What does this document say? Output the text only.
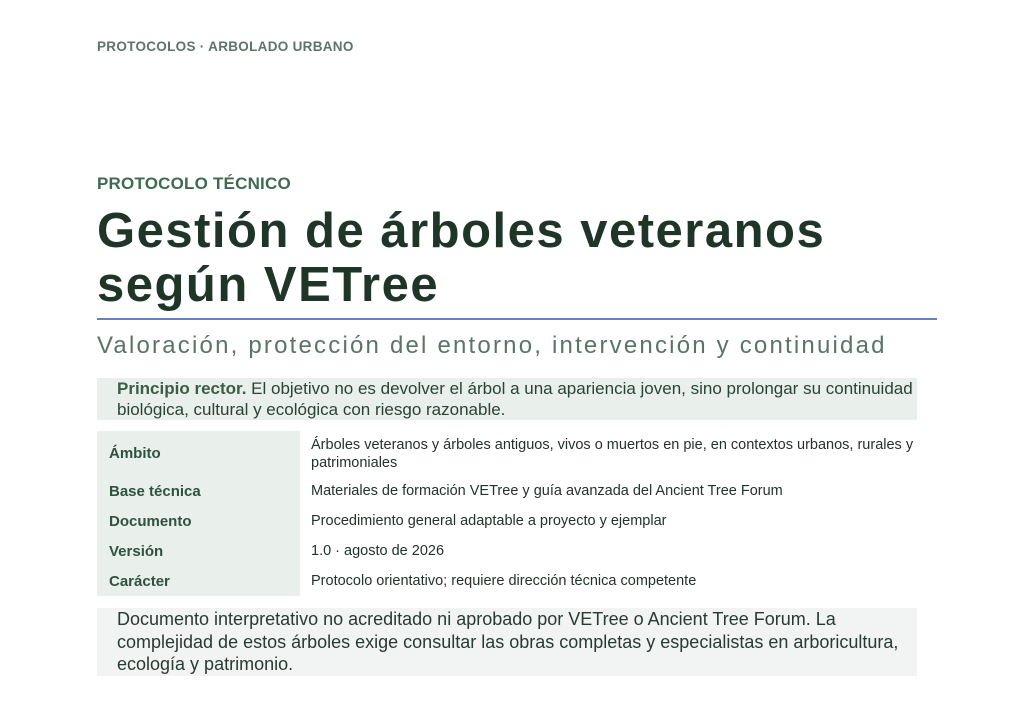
PROTOCOLOS · ARBOLADO URBANO
PROTOCOLO TÉCNICO
Gestión de árboles veteranos según VETree
Valoración, protección del entorno, intervención y continuidad
Principio rector. El objetivo no es devolver el árbol a una apariencia joven, sino prolongar su continuidad biológica, cultural y ecológica con riesgo razonable.
Ámbito	Árboles veteranos y árboles antiguos, vivos o muertos en pie, en contextos urbanos, rurales y patrimoniales
Base técnica	Materiales de formación VETree y guía avanzada del Ancient Tree Forum
Documento	Procedimiento general adaptable a proyecto y ejemplar
Versión	1.0 · agosto de 2026
Carácter	Protocolo orientativo; requiere dirección técnica competente
Documento interpretativo no acreditado ni aprobado por VETree o Ancient Tree Forum. La complejidad de estos árboles exige consultar las obras completas y especialistas en arboricultura, ecología y patrimonio.
